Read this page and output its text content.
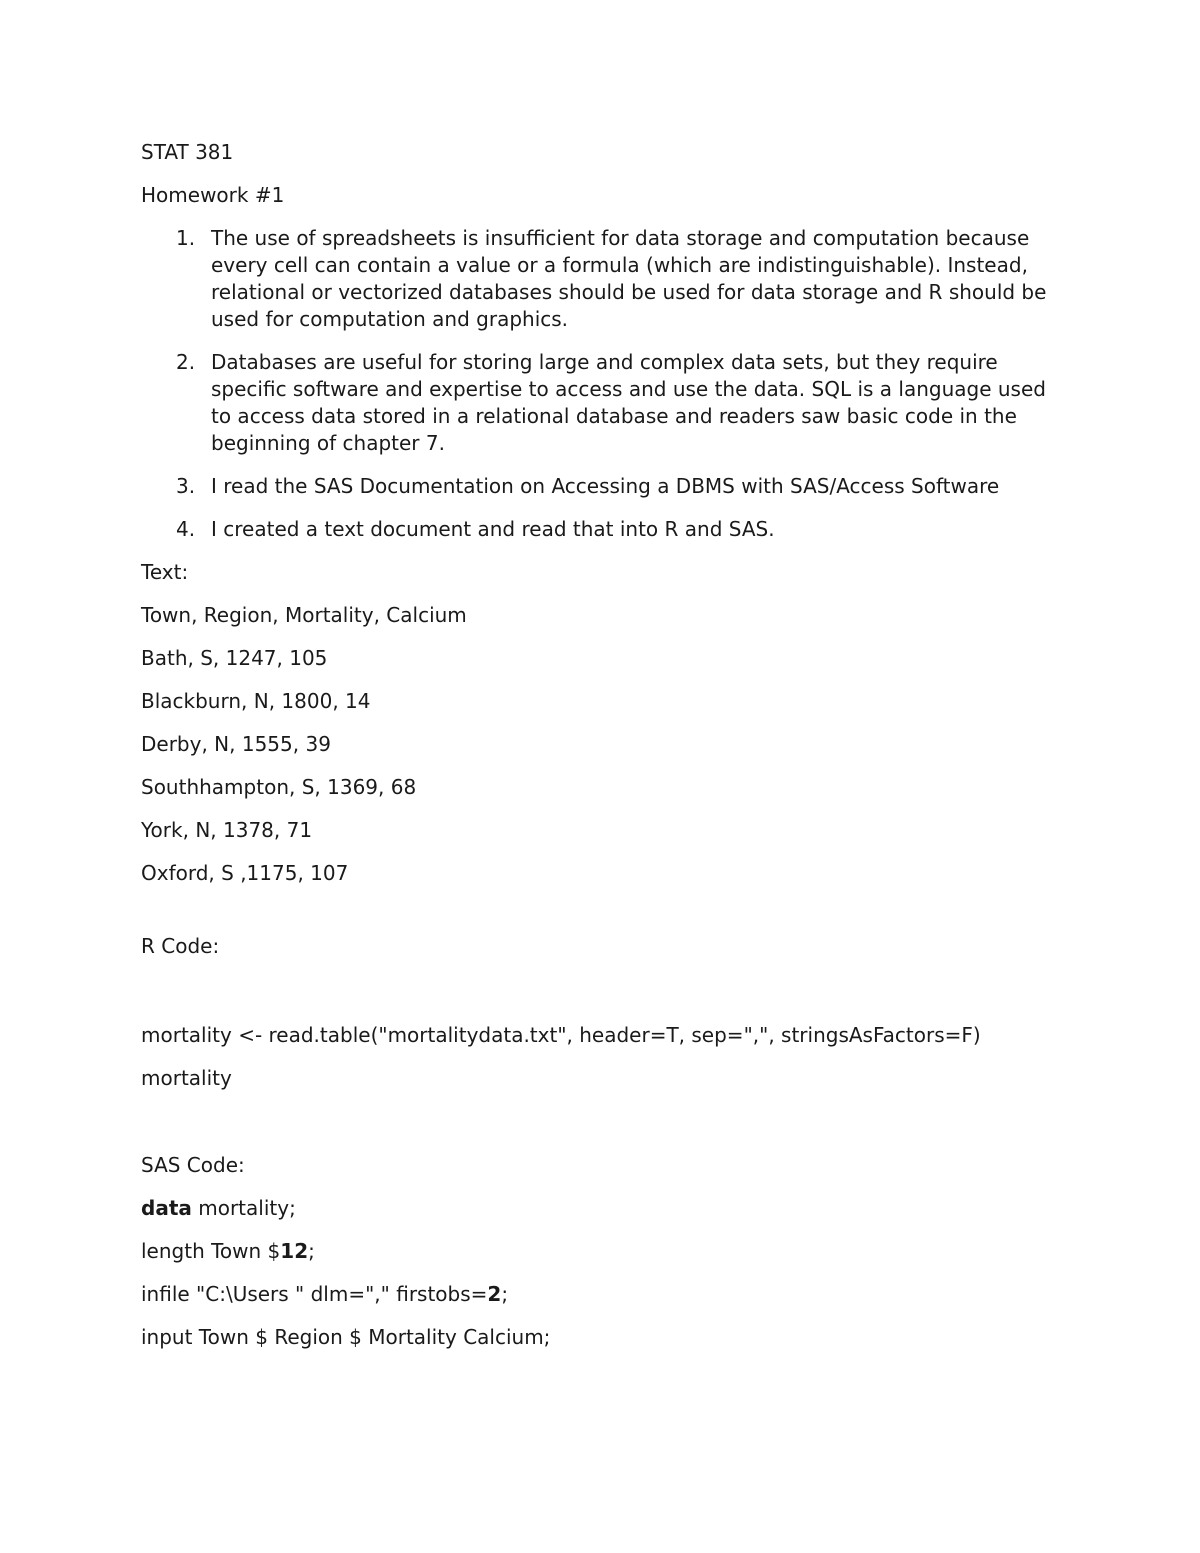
STAT 381
Homework #1
1. The use of spreadsheets is insufficient for data storage and computation because every cell can contain a value or a formula (which are indistinguishable). Instead, relational or vectorized databases should be used for data storage and R should be used for computation and graphics.
2. Databases are useful for storing large and complex data sets, but they require specific software and expertise to access and use the data. SQL is a language used to access data stored in a relational database and readers saw basic code in the beginning of chapter 7.
3. I read the SAS Documentation on Accessing a DBMS with SAS/Access Software
4. I created a text document and read that into R and SAS.
Text:
Town, Region, Mortality, Calcium
Bath, S, 1247, 105
Blackburn, N, 1800, 14
Derby, N, 1555, 39
Southhampton, S, 1369, 68
York, N, 1378, 71
Oxford, S ,1175, 107
R Code:
mortality <- read.table("mortalitydata.txt", header=T, sep=",", stringsAsFactors=F)
mortality
SAS Code:
data mortality;
length Town $12;
infile "C:\Users " dlm="," firstobs=2;
input Town $ Region $ Mortality Calcium;
